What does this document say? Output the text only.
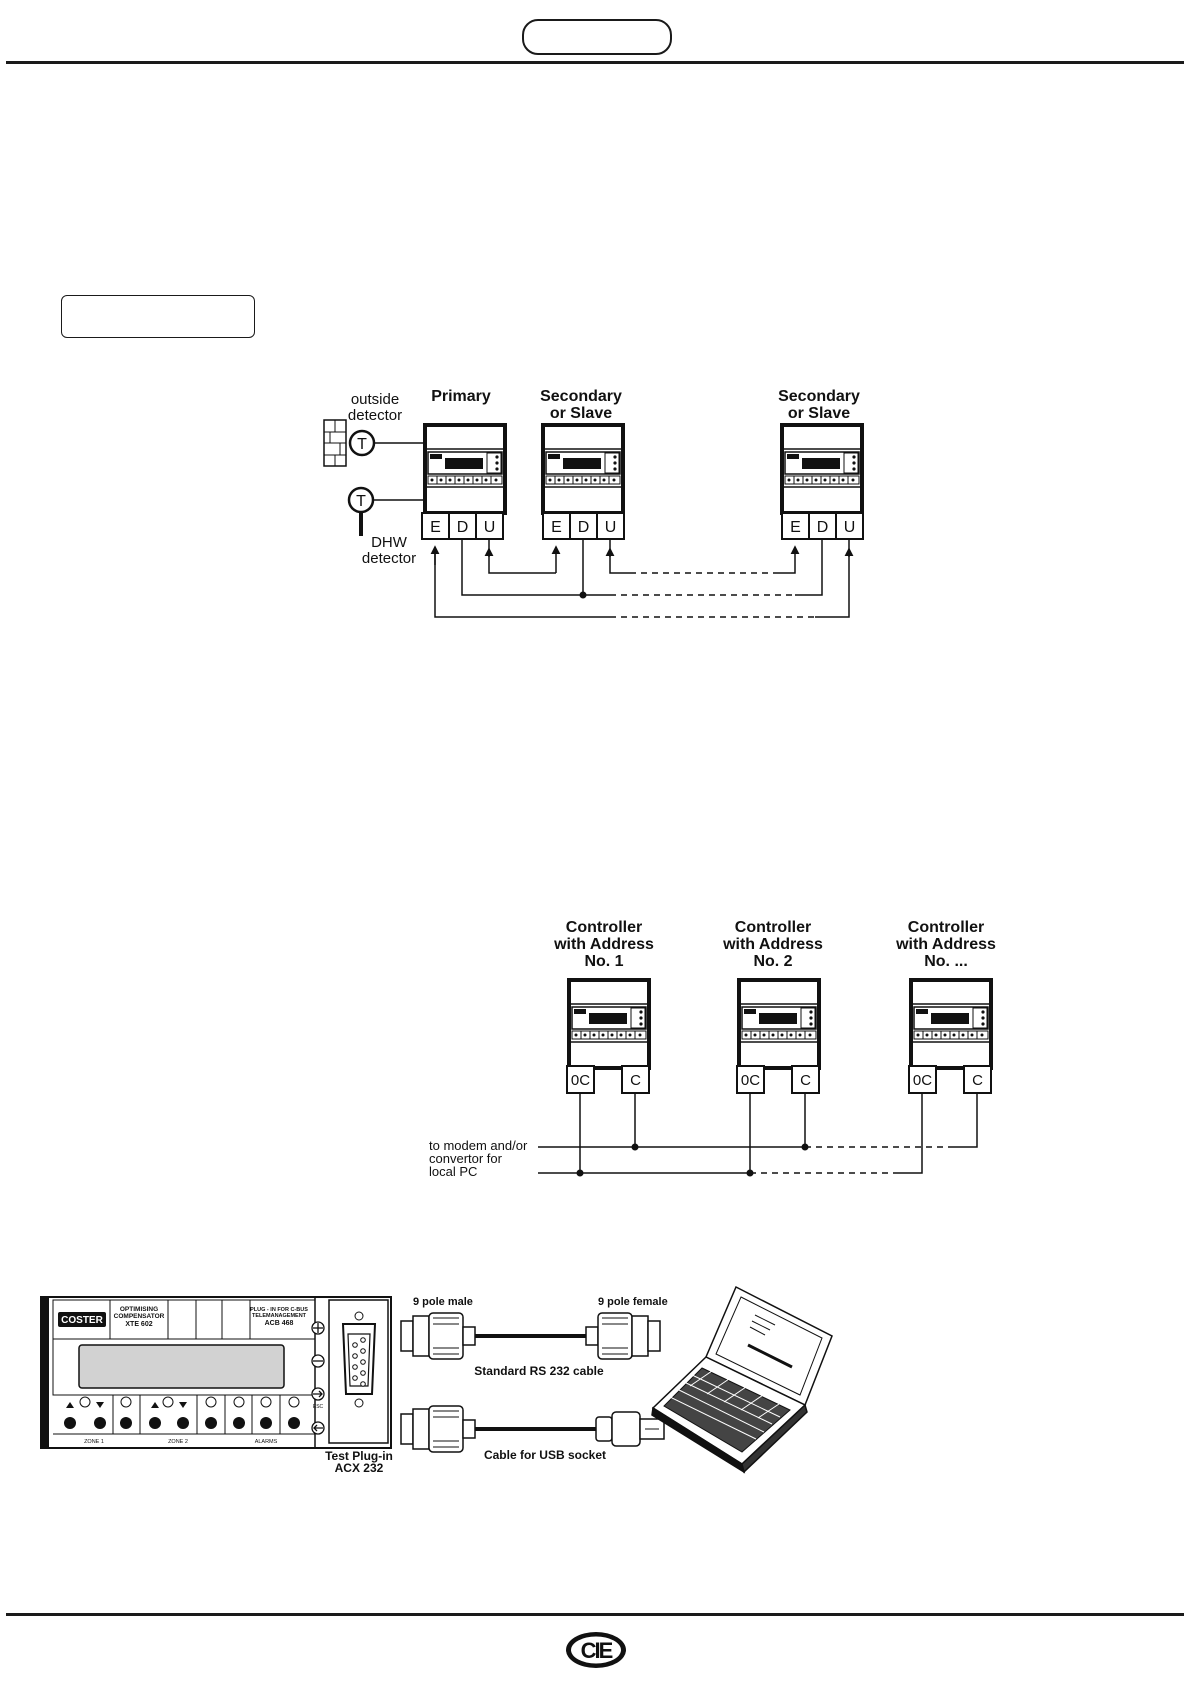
T
T
outside
detector
DHW
detector
Primary	Secondary
or Slave
Secondary
or Slave
E D U	E D U	E D U
Controller
with Address
No. 1
Controller
with Address
No. 2
Controller
with Address
No. ...
0C	C	0C	C	0C	C
to modem and/or
convertor for
local PC
COSTER
OPTIMISING
COMPENSATOR
XTE 602
PLUG - IN FOR C-BUS
TELEMANAGEMENT
ACB 468
ZONE 1	ZONE 2	ALARMS
ESC
Test Plug-in
ACX 232
9 pole male	9 pole female
Standard RS 232 cable
Cable for USB socket
CIE
